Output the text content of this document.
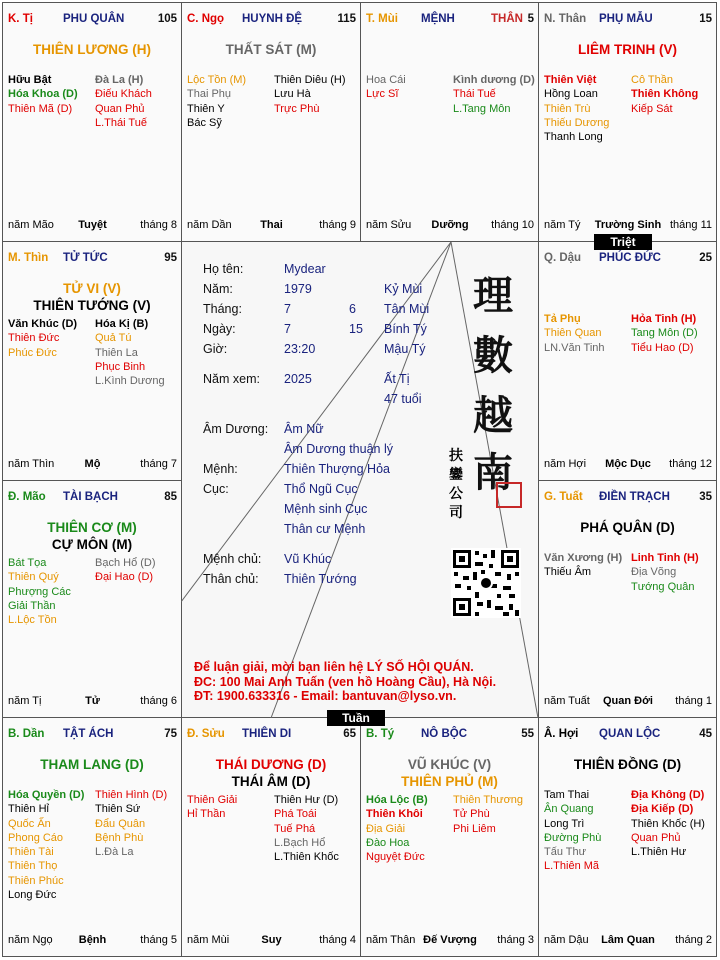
K. Tị	PHU QUÂN	105
THIÊN LƯƠNG (H)
Hữu Bật
Hóa Khoa (D)
Thiên Mã (D)
Đà La (H)
Điếu Khách
Quan Phủ
L.Thái Tuế
năm Mão	Tuyệt	tháng 8
C. Ngọ HUYNH ĐỆ	115
THẤT SÁT (M)
Lộc Tồn (M)
Thai Phụ
Thiên Y
Bác Sỹ
Thiên Diêu (H)
Lưu Hà
Trực Phù
năm Dần	Thai	tháng 9
T. Mùi MỆNH	THÂN 5
Hoa Cái
Lực Sĩ
Kình dương (D)
Thái Tuế
L.Tang Môn
năm Sửu	Dưỡng	tháng 10
N. Thân PHỤ MẪU	15
LIÊM TRINH (V)
Thiên Việt
Hồng Loan
Thiên Trù
Thiếu Dương
Thanh Long
Cô Thần
Thiên Không
Kiếp Sát
năm Tý	Trường Sinh tháng 11
M. Thìn TỬ TỨC	95
TỬ VI (V)
THIÊN TƯỚNG (V)
Văn Khúc (D)
Thiên Đức
Phúc Đức
Hóa Kị (B)
Quả Tú
Thiên La
Phục Binh
L.Kình Dương
năm Thìn	Mộ	tháng 7
Q. Dậu PHÚC ĐỨC	25
Tả Phụ
Thiên Quan
LN.Văn Tinh
Hỏa Tinh (H)
Tang Môn (D)
Tiểu Hao (D)
năm Hợi	Mộc Dục	tháng 12
Đ. Mão TÀI BẠCH	85
THIÊN CƠ (M)
CỰ MÔN (M)
Bát Tọa
Thiên Quý
Phượng Các
Giải Thần
L.Lộc Tồn
Bạch Hổ (D)
Đại Hao (D)
năm Tị	Tử	tháng 6
G. Tuất ĐIỀN TRẠCH	35
PHÁ QUÂN (D)
Văn Xương (H)
Thiếu Âm
Linh Tinh (H)
Địa Võng
Tướng Quân
năm Tuất	Quan Đới	tháng 1
B. Dần TẬT ÁCH	75
THAM LANG (D)
Hóa Quyền (D)
Thiên Hỉ
Quốc Ấn
Phong Cáo
Thiên Tài
Thiên Thọ
Thiên Phúc
Long Đức
Thiên Hình (D)
Thiên Sứ
Đẩu Quân
Bệnh Phù
L.Đà La
năm Ngọ	Bệnh	tháng 5
Đ. Sửu THIÊN DI	65
THÁI DƯƠNG (D)
THÁI ÂM (D)
Thiên Giải
Hỉ Thần
Thiên Hư (D)
Phá Toái
Tuế Phá
L.Bạch Hổ
L.Thiên Khốc
năm Mùi	Suy	tháng 4
B. Tý NÔ BỘC	55
VŨ KHÚC (V)
THIÊN PHỦ (M)
Hóa Lộc (B)
Thiên Khôi
Địa Giải
Đào Hoa
Nguyệt Đức
Thiên Thương
Tử Phù
Phi Liêm
năm Thân Đế Vượng	tháng 3
Â. Hợi QUAN LỘC	45
THIÊN ĐỒNG (D)
Tam Thai
Ân Quang
Long Trì
Đường Phù
Tấu Thư
L.Thiên Mã
Địa Không (D)
Địa Kiếp (D)
Thiên Khốc (H)
Quan Phủ
L.Thiên Hư
năm Dậu	Lâm Quan	tháng 2
Họ tên:	Mydear
Năm:	1979	Kỷ Mùi
Tháng:	7	6 Tân Mùi
Ngày:	7	15 Bính Tý
Giờ:	23:20	Mậu Tý
Năm xem: 2025	Ất Tị
47 tuổi
Âm Dương: Âm Nữ
Âm Dương thuận lý
Mệnh:	Thiên Thượng Hỏa
Cục:	Thổ Ngũ Cục
Mệnh sinh Cục
Thân cư Mệnh
Mệnh chủ: Vũ Khúc
Thân chủ: Thiên Tướng
理
數
越
南
扶
鑾
公
司
Để luận giải, mời bạn liên hệ LÝ SỐ HỘI QUÁN.
ĐC: 100 Mai Anh Tuấn (ven hồ Hoàng Cầu), Hà Nội.
ĐT: 1900.633316 - Email: bantuvan@lyso.vn.
Triệt
Tuần
